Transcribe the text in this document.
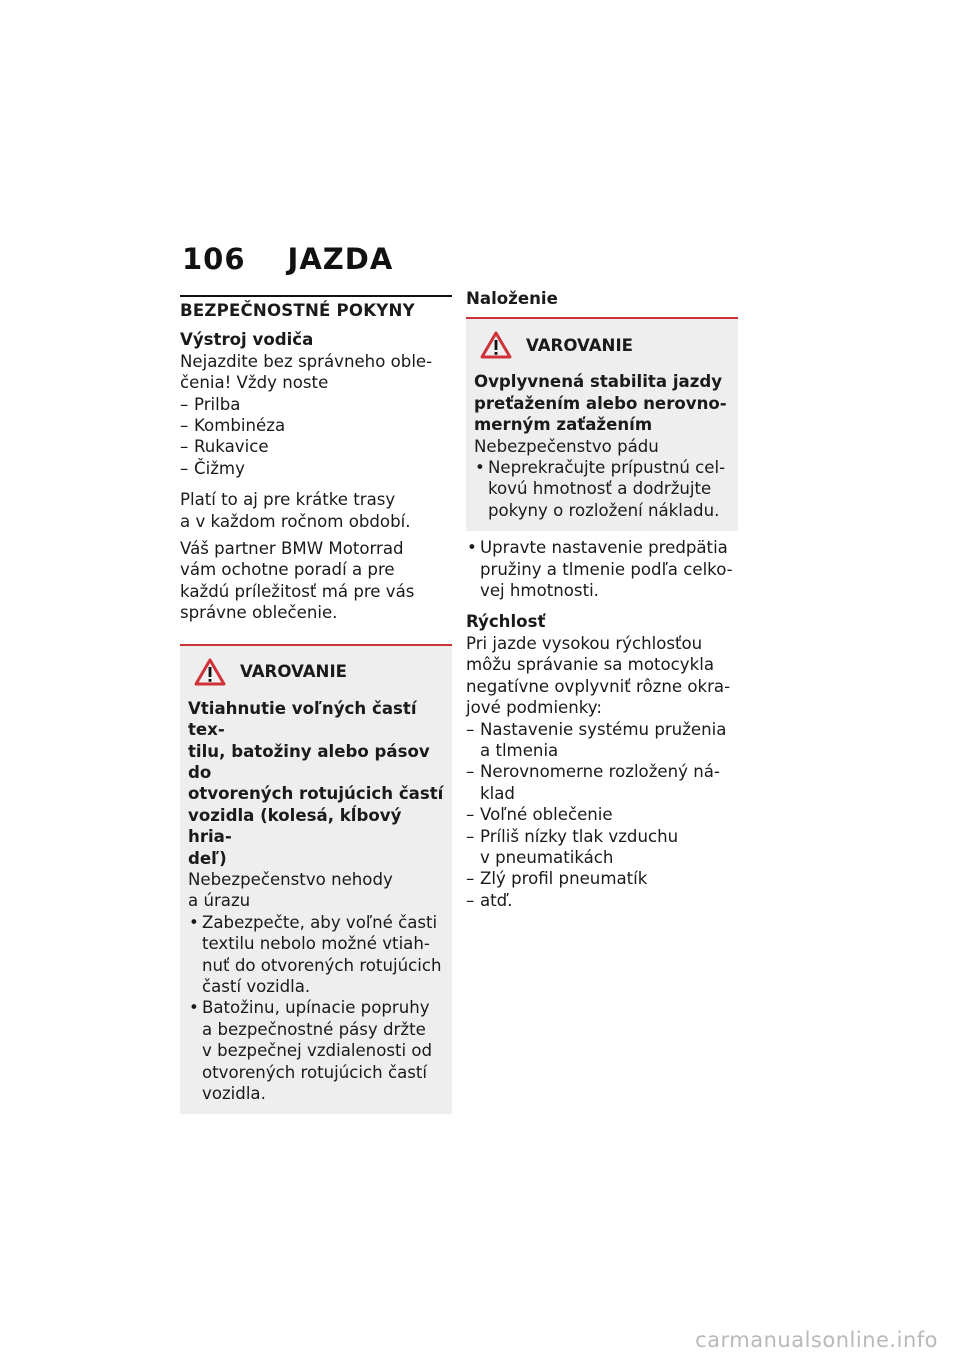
106 JAZDA
BEZPEČNOSTNÉ POKYNY
Výstroj vodiča

Nejazdite bez správneho oble-
čenia! Vždy noste

– Prilba
– Kombinéza
– Rukavice
– Čižmy

Platí to aj pre krátke trasy
a v každom ročnom období.

Váš partner BMW Motorrad
vám ochotne poradí a pre
každú príležitosť má pre vás
správne oblečenie.

VAROVANIE
Vtiahnutie voľných častí tex-
tilu, batožiny alebo pásov do
otvorených rotujúcich častí
vozidla (kolesá, kĺbový hria-
deľ)

Nebezpečenstvo nehody
a úrazu

• Zabezpečte, aby voľné časti
textilu nebolo možné vtiah-
nuť do otvorených rotujúcich
častí vozidla.
• Batožinu, upínacie popruhy
a bezpečnostné pásy držte
v bezpečnej vzdialenosti od
otvorených rotujúcich častí
vozidla.
Naloženie
VAROVANIE
Ovplyvnená stabilita jazdy
preťažením alebo nerovno-
merným zaťažením

Nebezpečenstvo pádu

• Neprekračujte prípustnú cel-
kovú hmotnosť a dodržujte
pokyny o rozložení nákladu.
• Upravte nastavenie predpätia
pružiny a tlmenie podľa celko-
vej hmotnosti.
Rýchlosť

Pri jazde vysokou rýchlosťou
môžu správanie sa motocykla
negatívne ovplyvniť rôzne okra-
jové podmienky:

– Nastavenie systému pruženia
a tlmenia
– Nerovnomerne rozložený ná-
klad
– Voľné oblečenie
– Príliš nízky tlak vzduchu
v pneumatikách
– Zlý profil pneumatík
– atď.
carmanualsonline.info
